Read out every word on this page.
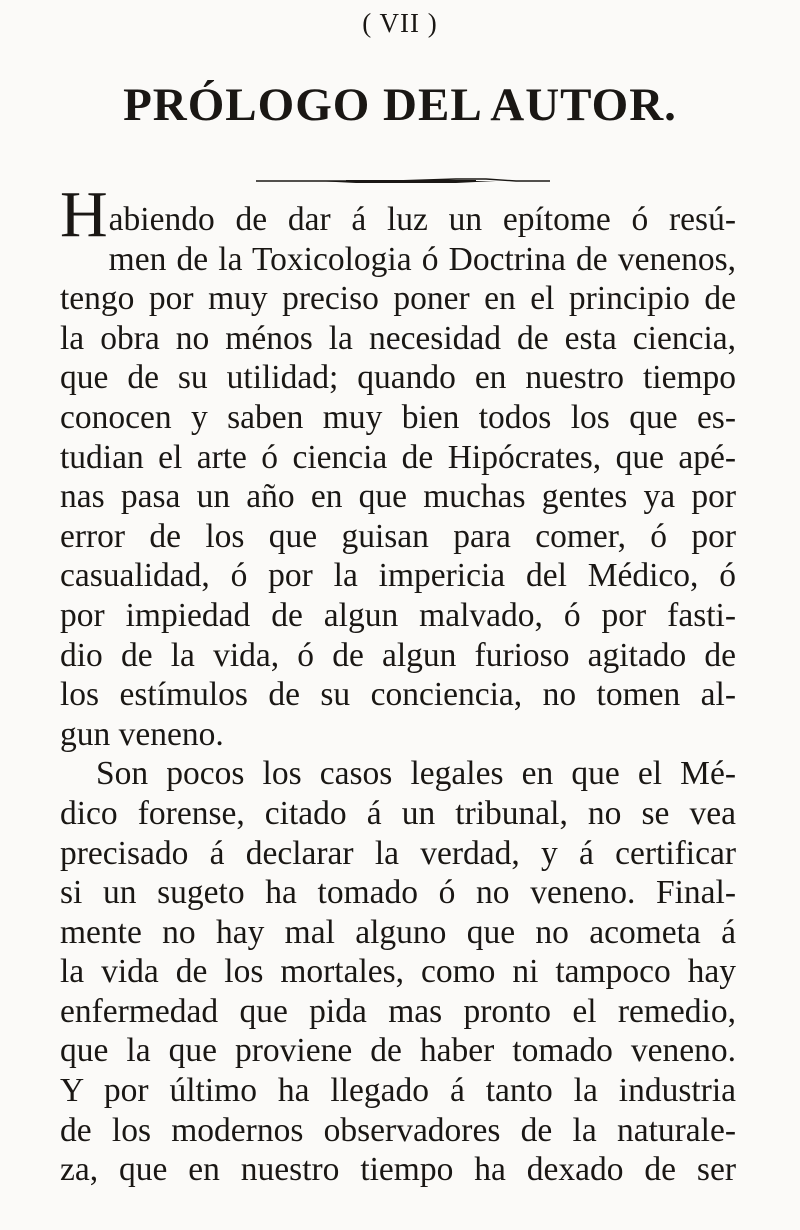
( VII )
PRÓLOGO DEL AUTOR.
Habiendo de dar á luz un epítome ó resú-
men de la Toxicologia ó Doctrina de venenos,
tengo por muy preciso poner en el principio de
la obra no ménos la necesidad de esta ciencia,
que de su utilidad; quando en nuestro tiempo
conocen y saben muy bien todos los que es-
tudian el arte ó ciencia de Hipócrates, que apé-
nas pasa un año en que muchas gentes ya por
error de los que guisan para comer, ó por
casualidad, ó por la impericia del Médico, ó
por impiedad de algun malvado, ó por fasti-
dio de la vida, ó de algun furioso agitado de
los estímulos de su conciencia, no tomen al-
gun veneno.
Son pocos los casos legales en que el Mé-
dico forense, citado á un tribunal, no se vea
precisado á declarar la verdad, y á certificar
si un sugeto ha tomado ó no veneno. Final-
mente no hay mal alguno que no acometa á
la vida de los mortales, como ni tampoco hay
enfermedad que pida mas pronto el remedio,
que la que proviene de haber tomado veneno.
Y por último ha llegado á tanto la industria
de los modernos observadores de la naturale-
za, que en nuestro tiempo ha dexado de ser
